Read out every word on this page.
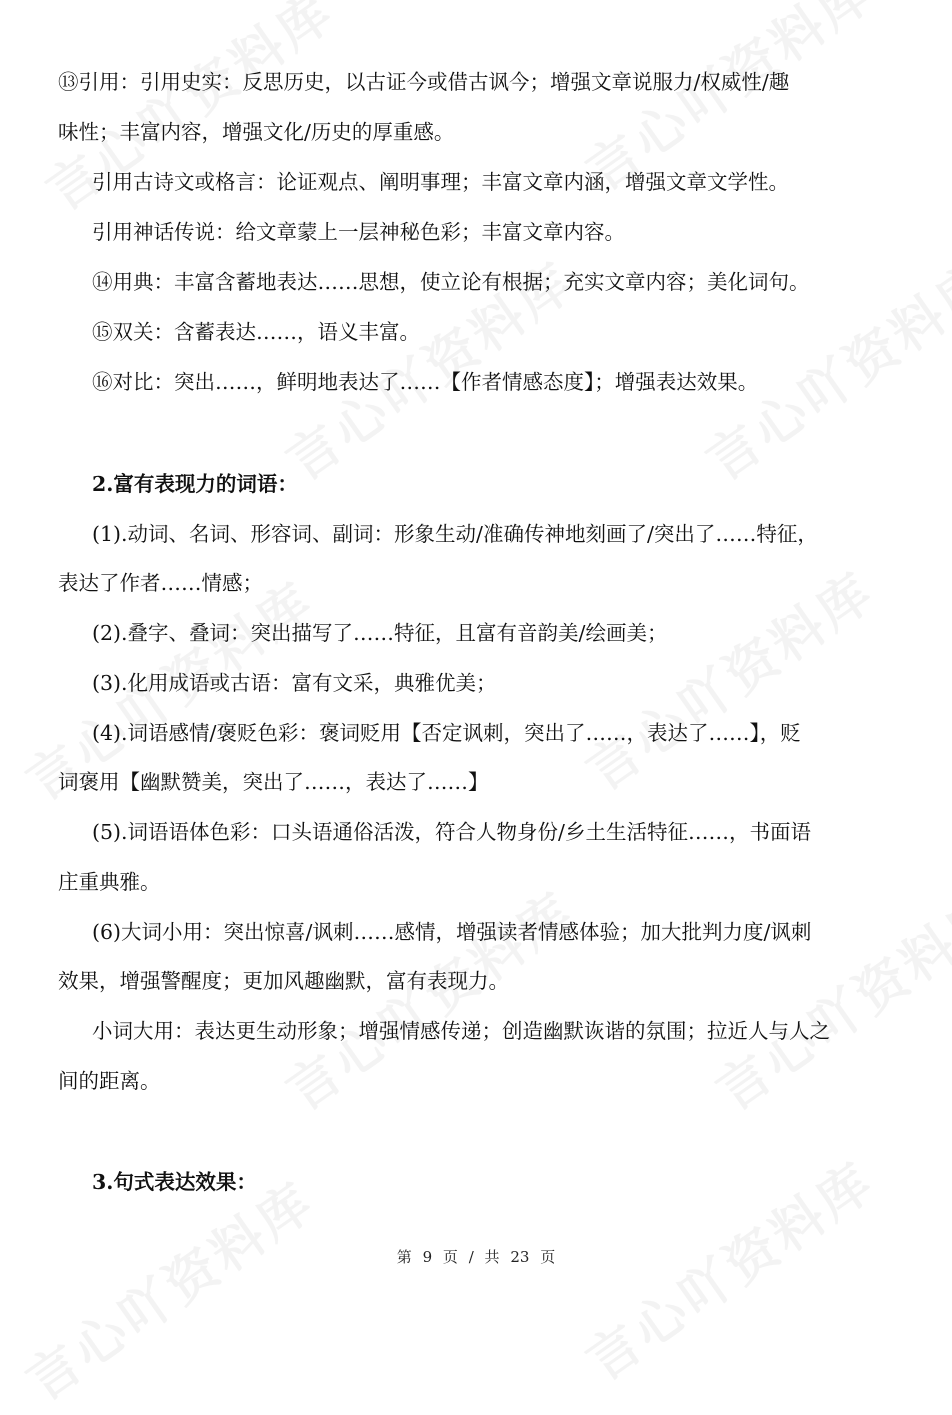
⑬引用：引用史实：反思历史，以古证今或借古讽今；增强文章说服力/权威性/趣

味性；丰富内容，增强文化/历史的厚重感。

引用古诗文或格言：论证观点、阐明事理；丰富文章内涵，增强文章文学性。

引用神话传说：给文章蒙上一层神秘色彩；丰富文章内容。

⑭用典：丰富含蓄地表达……思想，使立论有根据；充实文章内容；美化词句。

⑮双关：含蓄表达……，语义丰富。

⑯对比：突出……，鲜明地表达了……【作者情感态度】；增强表达效果。

2.富有表现力的词语：

(1).动词、名词、形容词、副词：形象生动/准确传神地刻画了/突出了……特征，

表达了作者……情感；

(2).叠字、叠词：突出描写了……特征，且富有音韵美/绘画美；

(3).化用成语或古语：富有文采，典雅优美；

(4).词语感情/褒贬色彩：褒词贬用【否定讽刺，突出了……，表达了……】，贬

词褒用【幽默赞美，突出了……，表达了……】

(5).词语语体色彩：口头语通俗活泼，符合人物身份/乡土生活特征……，书面语

庄重典雅。

(6)大词小用：突出惊喜/讽刺……感情，增强读者情感体验；加大批判力度/讽刺

效果，增强警醒度；更加风趣幽默，富有表现力。

小词大用：表达更生动形象；增强情感传递；创造幽默诙谐的氛围；拉近人与人之

间的距离。

3.句式表达效果：

第 9 页 / 共 23 页
